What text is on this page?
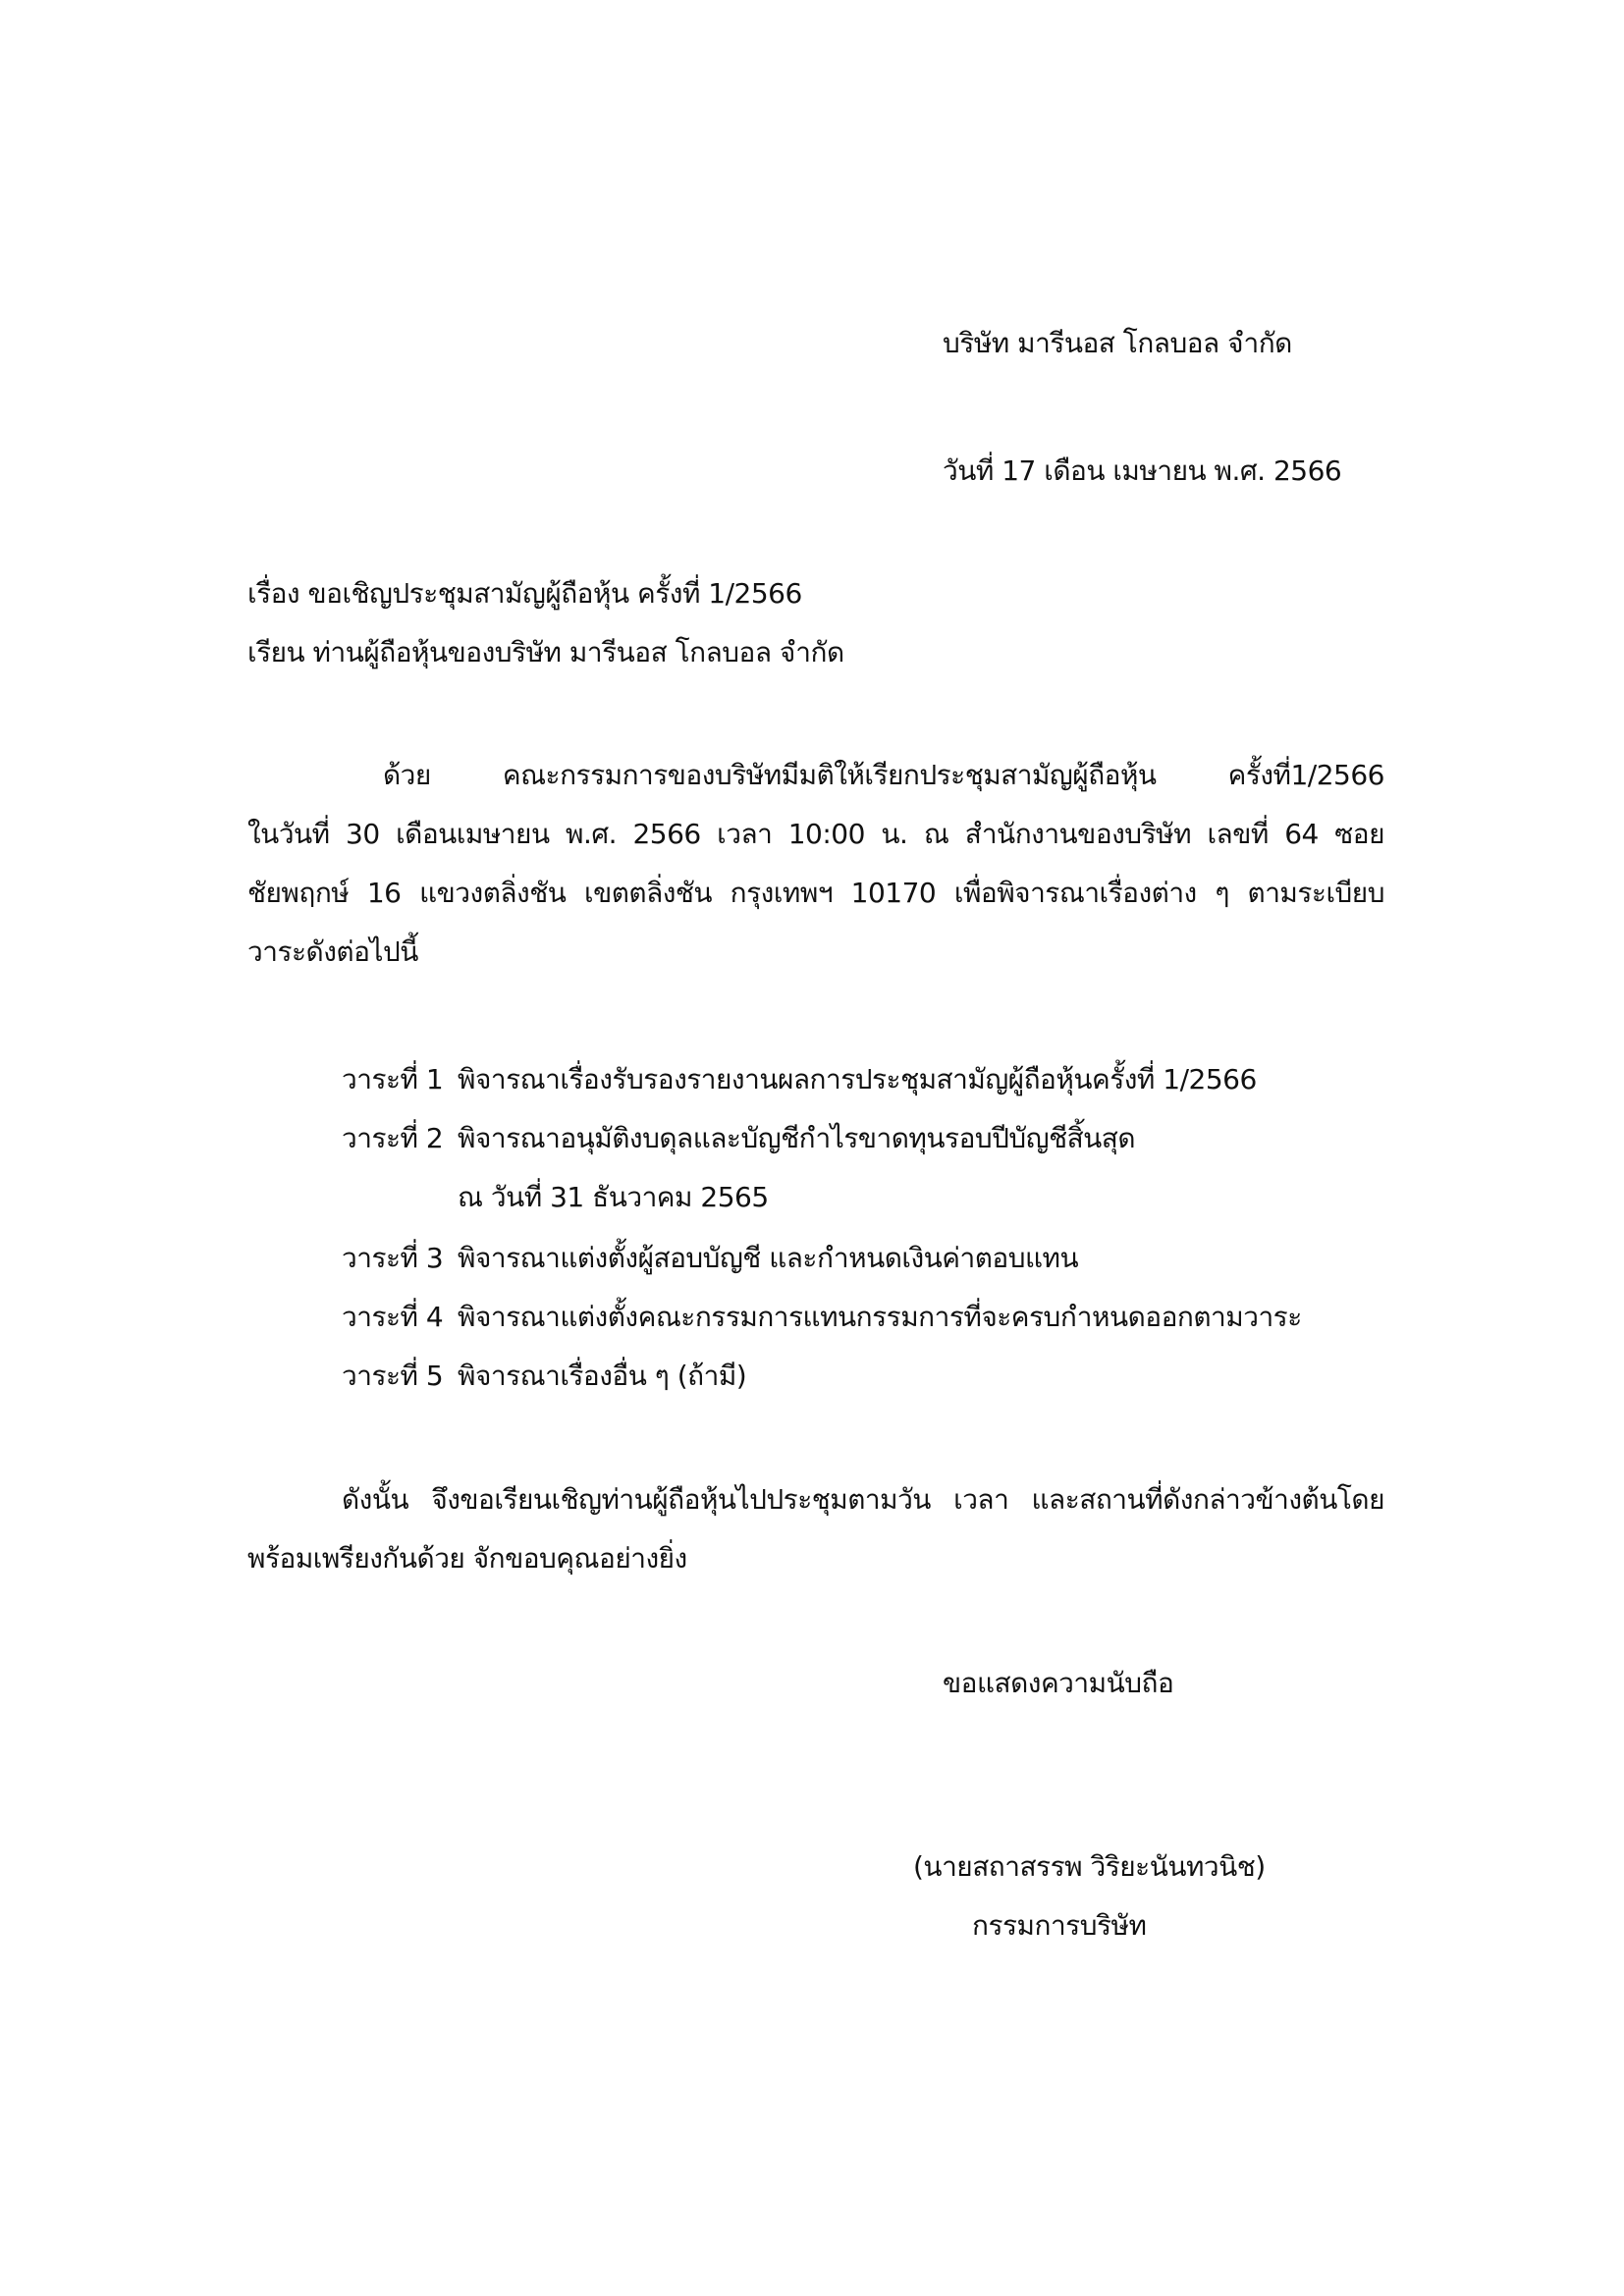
บริษัท มารีนอส โกลบอล จำกัด
วันที่ 17 เดือน เมษายน พ.ศ. 2566
เรื่อง ขอเชิญประชุมสามัญผู้ถือหุ้น ครั้งที่ 1/2566
เรียน ท่านผู้ถือหุ้นของบริษัท มารีนอส โกลบอล จำกัด
ด้วย คณะกรรมการของบริษัทมีมติให้เรียกประชุมสามัญผู้ถือหุ้น ครั้งที่1/2566
ในวันที่ 30 เดือนเมษายน พ.ศ. 2566 เวลา 10:00 น. ณ สำนักงานของบริษัท เลขที่ 64 ซอย
ชัยพฤกษ์ 16 แขวงตลิ่งชัน เขตตลิ่งชัน กรุงเทพฯ 10170 เพื่อพิจารณาเรื่องต่าง ๆ ตามระเบียบ
วาระดังต่อไปนี้
วาระที่ 1 พิจารณาเรื่องรับรองรายงานผลการประชุมสามัญผู้ถือหุ้นครั้งที่ 1/2566
วาระที่ 2 พิจารณาอนุมัติงบดุลและบัญชีกำไรขาดทุนรอบปีบัญชีสิ้นสุด
ณ วันที่ 31 ธันวาคม 2565
วาระที่ 3 พิจารณาแต่งตั้งผู้สอบบัญชี และกำหนดเงินค่าตอบแทน
วาระที่ 4 พิจารณาแต่งตั้งคณะกรรมการแทนกรรมการที่จะครบกำหนดออกตามวาระ
วาระที่ 5 พิจารณาเรื่องอื่น ๆ (ถ้ามี)
ดังนั้น จึงขอเรียนเชิญท่านผู้ถือหุ้นไปประชุมตามวัน เวลา และสถานที่ดังกล่าวข้างต้นโดย
พร้อมเพรียงกันด้วย จักขอบคุณอย่างยิ่ง
ขอแสดงความนับถือ
(นายสถาสรรพ วิริยะนันทวนิช)
กรรมการบริษัท
